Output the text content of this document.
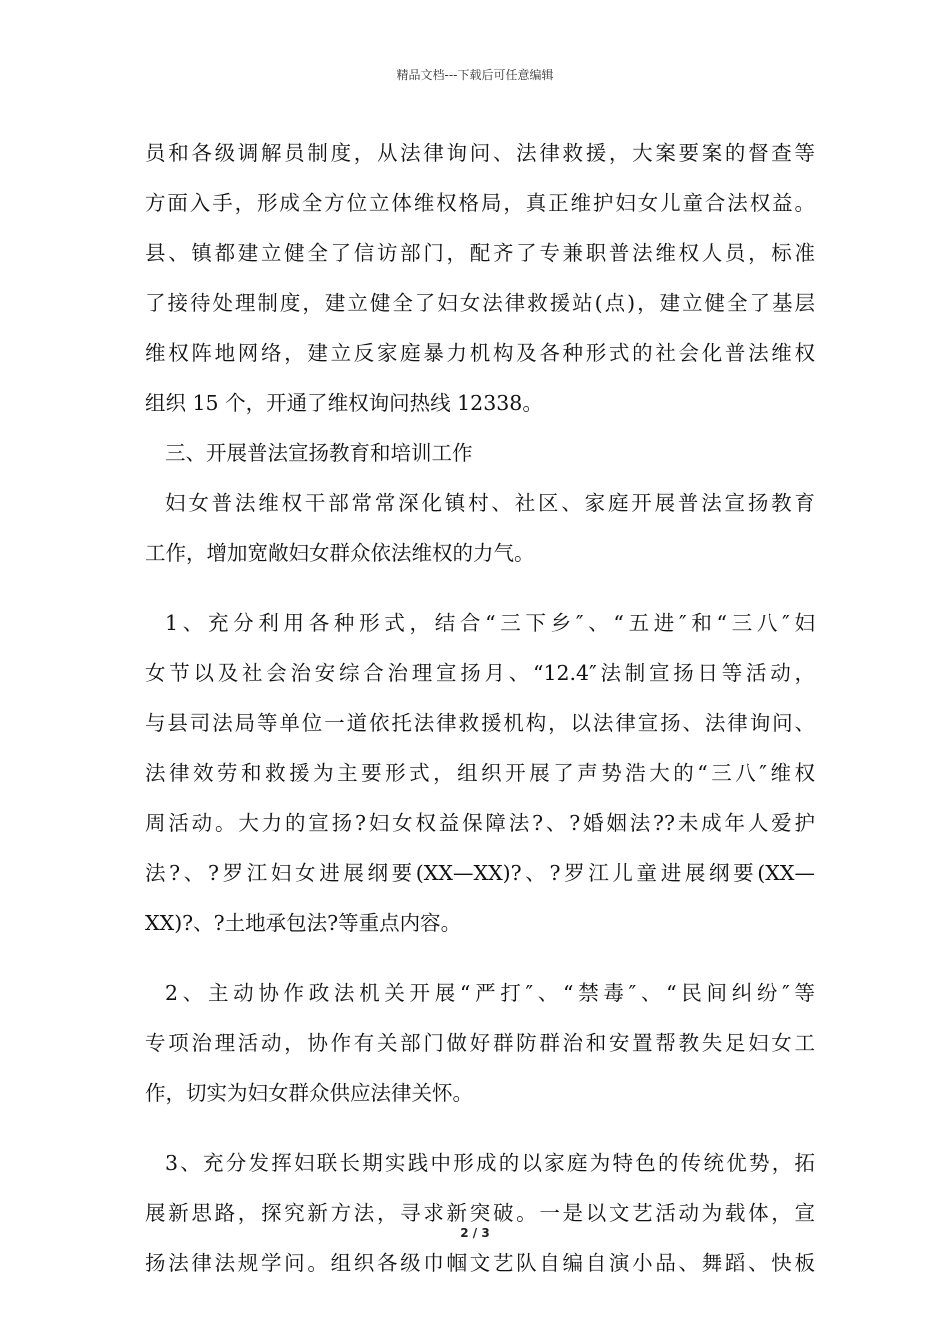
精品文档---下载后可任意编辑
员和各级调解员制度，从法律询问、法律救援，大案要案的督查等
方面入手，形成全方位立体维权格局，真正维护妇女儿童合法权益。
县、镇都建立健全了信访部门，配齐了专兼职普法维权人员，标准
了接待处理制度，建立健全了妇女法律救援站(点)，建立健全了基层
维权阵地网络，建立反家庭暴力机构及各种形式的社会化普法维权
组织 15 个，开通了维权询问热线 12338。
三、开展普法宣扬教育和培训工作
妇女普法维权干部常常深化镇村、社区、家庭开展普法宣扬教育
工作，增加宽敞妇女群众依法维权的力气。
1、充分利用各种形式，结合“三下乡″、“五进″和“三八″妇
女节以及社会治安综合治理宣扬月、“12.4″法制宣扬日等活动，
与县司法局等单位一道依托法律救援机构，以法律宣扬、法律询问、
法律效劳和救援为主要形式，组织开展了声势浩大的“三八″维权
周活动。大力的宣扬?妇女权益保障法?、?婚姻法??未成年人爱护
法?、?罗江妇女进展纲要(XX—XX)?、?罗江儿童进展纲要(XX—
XX)?、?土地承包法?等重点内容。
2、主动协作政法机关开展“严打″、“禁毒″、“民间纠纷″等
专项治理活动，协作有关部门做好群防群治和安置帮教失足妇女工
作，切实为妇女群众供应法律关怀。
3、充分发挥妇联长期实践中形成的以家庭为特色的传统优势，拓
展新思路，探究新方法，寻求新突破。一是以文艺活动为载体，宣
扬法律法规学问。组织各级巾帼文艺队自编自演小品、舞蹈、快板
2 / 3
